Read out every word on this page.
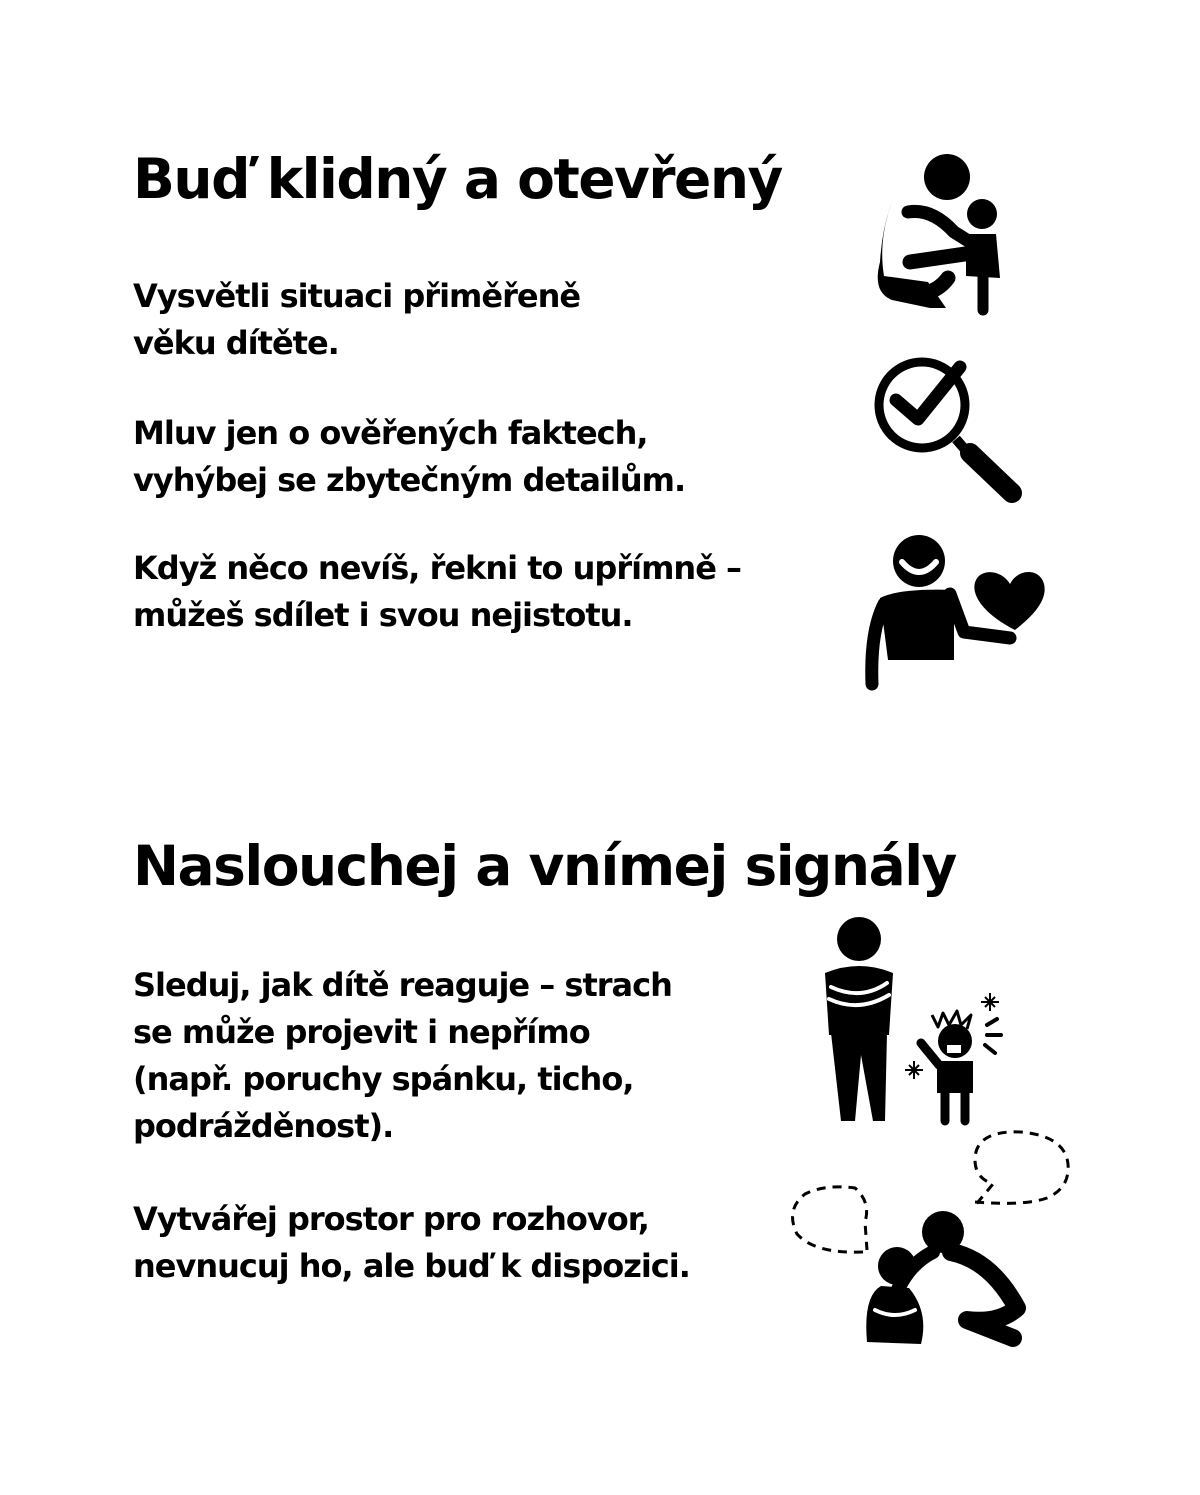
Buď klidný a otevřený

Vysvětli situaci přiměřeně
věku dítěte.

Mluv jen o ověřených faktech,
vyhýbej se zbytečným detailům.

Když něco nevíš, řekni to upřímně –
můžeš sdílet i svou nejistotu.

Naslouchej a vnímej signály

Sleduj, jak dítě reaguje – strach
se může projevit i nepřímo
(např. poruchy spánku, ticho,
podrážděnost).

Vytvářej prostor pro rozhovor,
nevnucuj ho, ale buď k dispozici.
